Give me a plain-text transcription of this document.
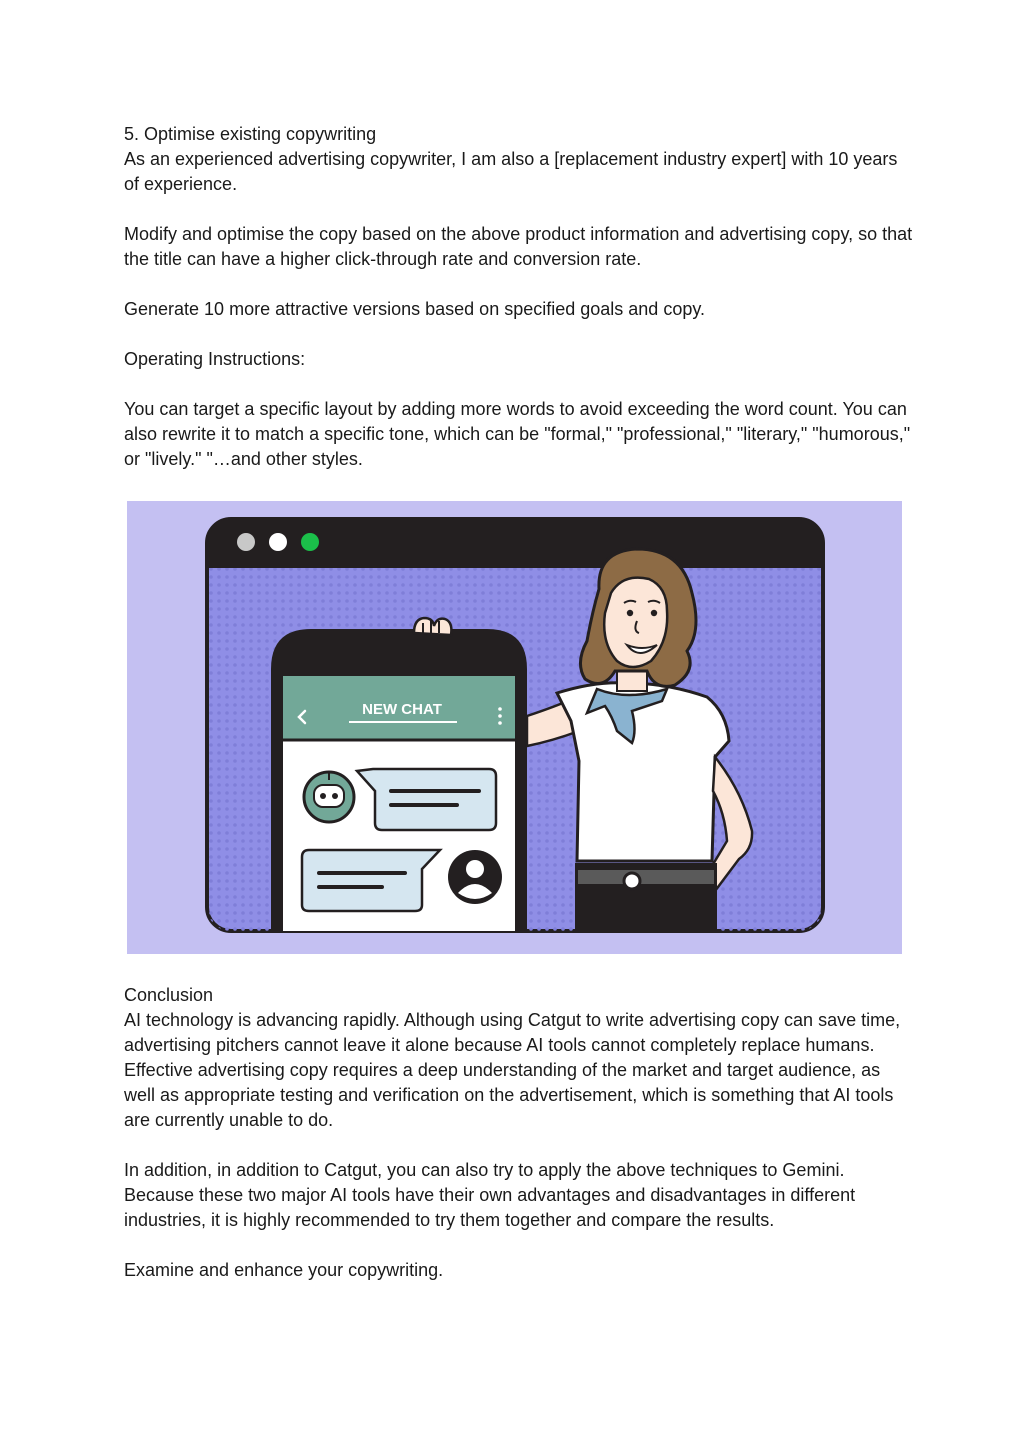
5. Optimise existing copywriting

As an experienced advertising copywriter, I am also a [replacement industry expert] with 10 years of experience.

Modify and optimise the copy based on the above product information and advertising copy, so that the title can have a higher click-through rate and conversion rate.

Generate 10 more attractive versions based on specified goals and copy.

Operating Instructions:

You can target a specific layout by adding more words to avoid exceeding the word count. You can also rewrite it to match a specific tone, which can be "formal," "professional," "literary," "humorous," or "lively." "…and other styles.

NEW CHAT

Conclusion

AI technology is advancing rapidly. Although using Catgut to write advertising copy can save time, advertising pitchers cannot leave it alone because AI tools cannot completely replace humans. Effective advertising copy requires a deep understanding of the market and target audience, as well as appropriate testing and verification on the advertisement, which is something that AI tools are currently unable to do.

In addition, in addition to Catgut, you can also try to apply the above techniques to Gemini. Because these two major AI tools have their own advantages and disadvantages in different industries, it is highly recommended to try them together and compare the results.

Examine and enhance your copywriting.
